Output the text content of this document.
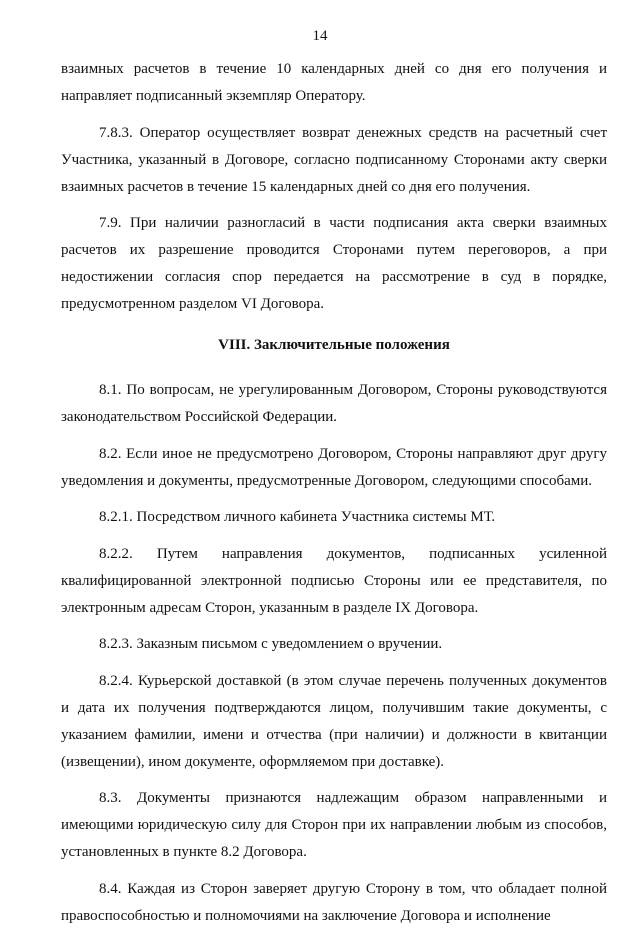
14

взаимных расчетов в течение 10 календарных дней со дня его получения и направляет подписанный экземпляр Оператору.

7.8.3. Оператор осуществляет возврат денежных средств на расчетный счет Участника, указанный в Договоре, согласно подписанному Сторонами акту сверки взаимных расчетов в течение 15 календарных дней со дня его получения.

7.9. При наличии разногласий в части подписания акта сверки взаимных расчетов их разрешение проводится Сторонами путем переговоров, а при недостижении согласия спор передается на рассмотрение в суд в порядке, предусмотренном разделом VI Договора.

VIII. Заключительные положения

8.1. По вопросам, не урегулированным Договором, Стороны руководствуются законодательством Российской Федерации.

8.2. Если иное не предусмотрено Договором, Стороны направляют друг другу уведомления и документы, предусмотренные Договором, следующими способами.

8.2.1. Посредством личного кабинета Участника системы МТ.

8.2.2. Путем направления документов, подписанных усиленной квалифицированной электронной подписью Стороны или ее представителя, по электронным адресам Сторон, указанным в разделе IX Договора.

8.2.3. Заказным письмом с уведомлением о вручении.

8.2.4. Курьерской доставкой (в этом случае перечень полученных документов и дата их получения подтверждаются лицом, получившим такие документы, с указанием фамилии, имени и отчества (при наличии) и должности в квитанции (извещении), ином документе, оформляемом при доставке).

8.3. Документы признаются надлежащим образом направленными и имеющими юридическую силу для Сторон при их направлении любым из способов, установленных в пункте 8.2 Договора.

8.4. Каждая из Сторон заверяет другую Сторону в том, что обладает полной правоспособностью и полномочиями на заключение Договора и исполнение
